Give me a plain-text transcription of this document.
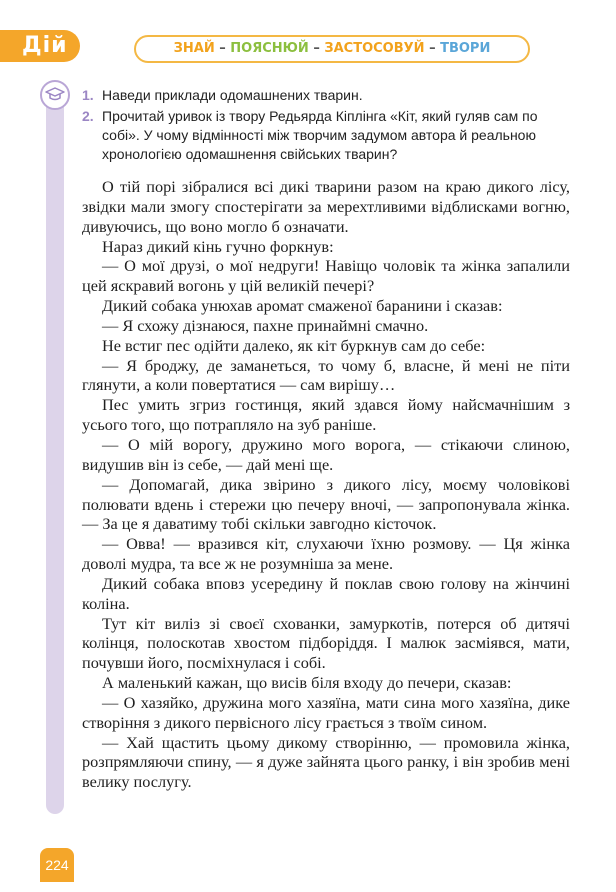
Дій	ЗНАЙ – ПОЯСНЮЙ – ЗАСТОСОВУЙ – ТВОРИ
1. Наведи приклади одомашнених тварин.
2. Прочитай уривок із твору Редьярда Кіплінга «Кіт, який гуляв сам по собі». У чому відмінності між творчим задумом автора й реальною хронологією одомашнення свійських тварин?

О тій порі зібралися всі дикі тварини разом на краю дикого лісу, звідки мали змогу спостерігати за мерехтливими відблисками вогню, дивуючись, що воно могло б означати.

Нараз дикий кінь гучно форкнув:

— О мої друзі, о мої недруги! Навіщо чоловік та жінка запалили цей яскравий вогонь у цій великій печері?

Дикий собака унюхав аромат смаженої баранини і сказав:

— Я схожу дізнаюся, пахне принаймні смачно.

Не встиг пес одійти далеко, як кіт буркнув сам до себе:

— Я броджу, де заманеться, то чому б, власне, й мені не піти глянути, а коли повертатися — сам вирішу…

Пес умить згриз гостинця, який здався йому найсмачнішим з усього того, що потрапляло на зуб раніше.

— О мій ворогу, дружино мого ворога, — стікаючи слиною, видушив він із себе, — дай мені ще.

— Допомагай, дика звірино з дикого лісу, моєму чоловікові полювати вдень і стережи цю печеру вночі, — запропонувала жінка. — За це я даватиму тобі скільки завгодно кісточок.

— Овва! — вразився кіт, слухаючи їхню розмову. — Ця жінка доволі мудра, та все ж не розумніша за мене.

Дикий собака вповз усередину й поклав свою голову на жінчині коліна.

Тут кіт виліз зі своєї схованки, замуркотів, потерся об дитячі колінця, полоскотав хвостом підборіддя. І малюк засміявся, мати, почувши його, посміхнулася і собі.

А маленький кажан, що висів біля входу до печери, сказав:

— О хазяйко, дружина мого хазяїна, мати сина мого хазяїна, дике створіння з дикого первісного лісу грається з твоїм сином.

— Хай щастить цьому дикому створінню, — промовила жінка, розпрямляючи спину, — я дуже зайнята цього ранку, і він зробив мені велику послугу.

224
